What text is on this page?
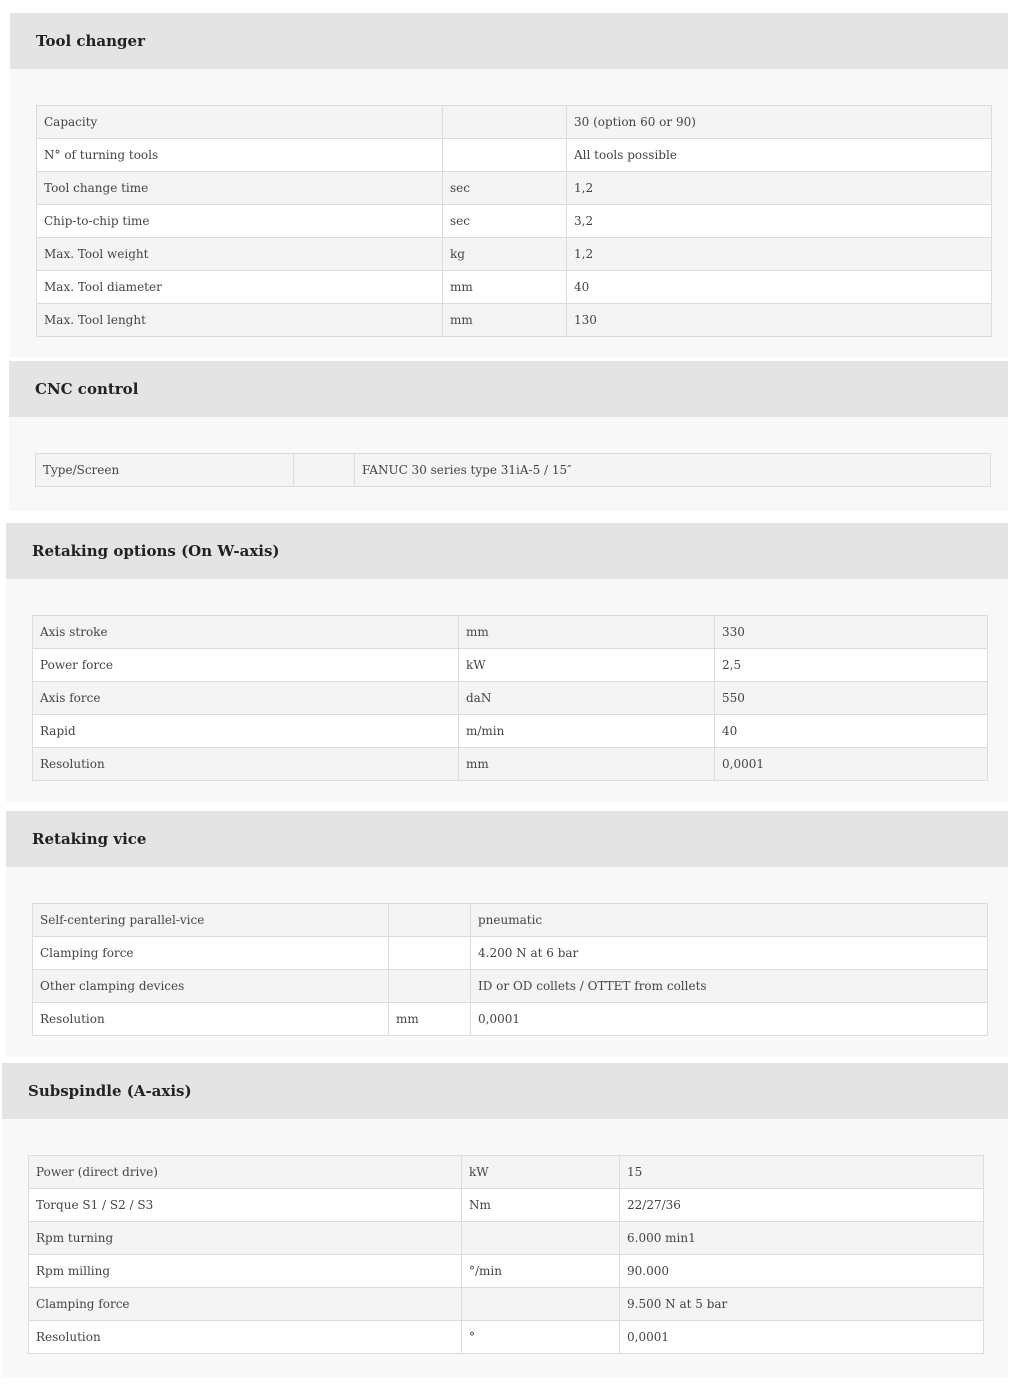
Tool changer
Capacity		30 (option 60 or 90)
N° of turning tools		All tools possible
Tool change time	sec	1,2
Chip-to-chip time	sec	3,2
Max. Tool weight	kg	1,2
Max. Tool diameter	mm	40
Max. Tool lenght	mm	130
CNC control
Type/Screen		FANUC 30 series type 31iA-5 / 15″
Retaking options (On W-axis)
Axis stroke	mm	330
Power force	kW	2,5
Axis force	daN	550
Rapid	m/min	40
Resolution	mm	0,0001
Retaking vice
Self-centering parallel-vice		pneumatic
Clamping force		4.200 N at 6 bar
Other clamping devices		ID or OD collets / OTTET from collets
Resolution	mm	0,0001
Subspindle (A-axis)
Power (direct drive)	kW	15
Torque S1 / S2 / S3	Nm	22/27/36
Rpm turning		6.000 min1
Rpm milling	°/min	90.000
Clamping force		9.500 N at 5 bar
Resolution	°	0,0001
